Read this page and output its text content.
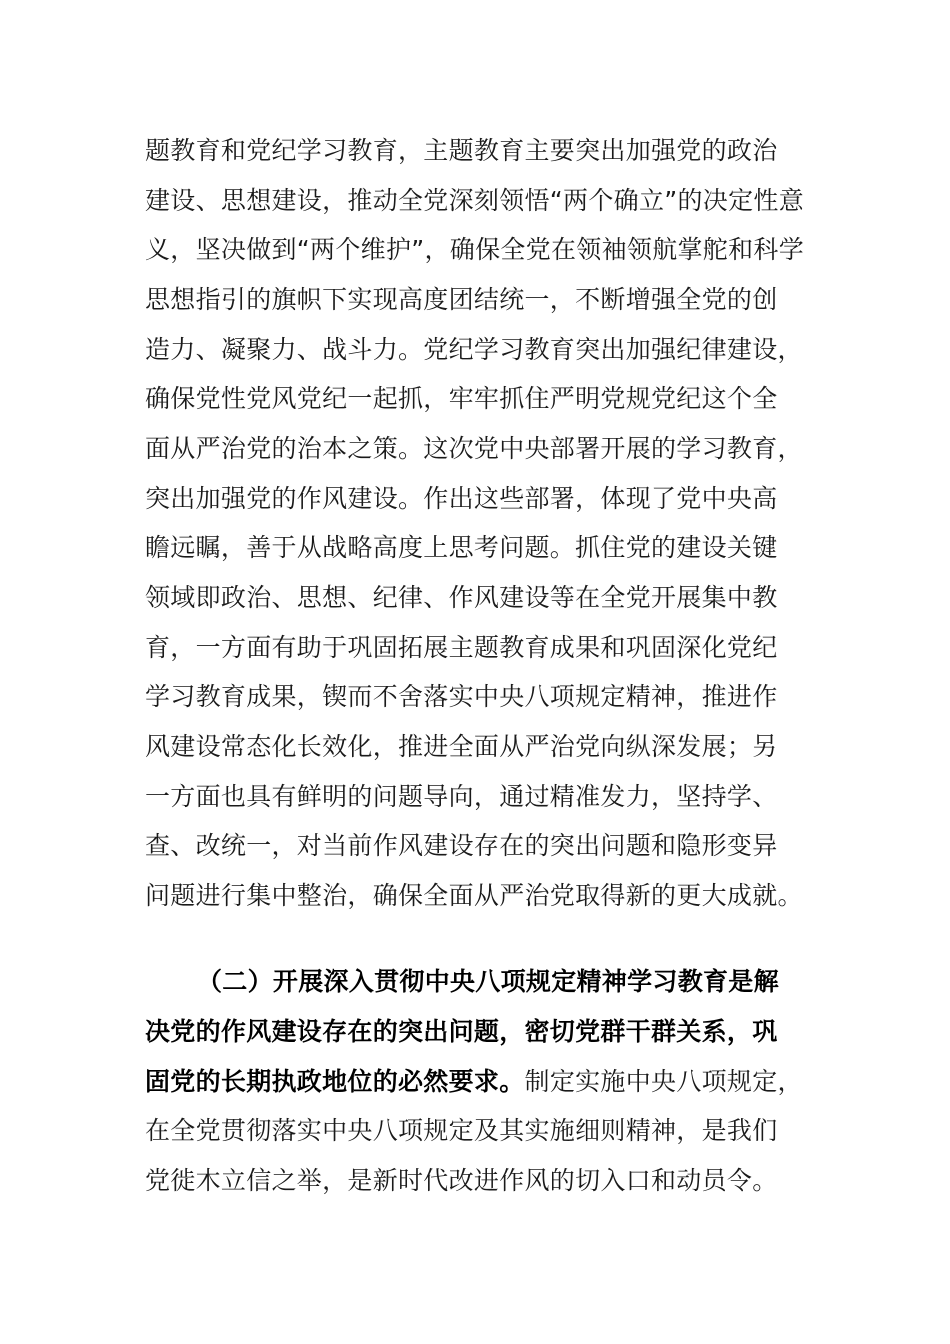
题教育和党纪学习教育，主题教育主要突出加强党的政治
建设、思想建设，推动全党深刻领悟“两个确立”的决定性意
义，坚决做到“两个维护”，确保全党在领袖领航掌舵和科学
思想指引的旗帜下实现高度团结统一，不断增强全党的创
造力、凝聚力、战斗力。党纪学习教育突出加强纪律建设，
确保党性党风党纪一起抓，牢牢抓住严明党规党纪这个全
面从严治党的治本之策。这次党中央部署开展的学习教育，
突出加强党的作风建设。作出这些部署，体现了党中央高
瞻远瞩，善于从战略高度上思考问题。抓住党的建设关键
领域即政治、思想、纪律、作风建设等在全党开展集中教
育，一方面有助于巩固拓展主题教育成果和巩固深化党纪
学习教育成果，锲而不舍落实中央八项规定精神，推进作
风建设常态化长效化，推进全面从严治党向纵深发展；另
一方面也具有鲜明的问题导向，通过精准发力，坚持学、
查、改统一，对当前作风建设存在的突出问题和隐形变异
问题进行集中整治，确保全面从严治党取得新的更大成就。
（二）开展深入贯彻中央八项规定精神学习教育是解
决党的作风建设存在的突出问题，密切党群干群关系，巩
固党的长期执政地位的必然要求。制定实施中央八项规定，
在全党贯彻落实中央八项规定及其实施细则精神，是我们
党徙木立信之举，是新时代改进作风的切入口和动员令。
